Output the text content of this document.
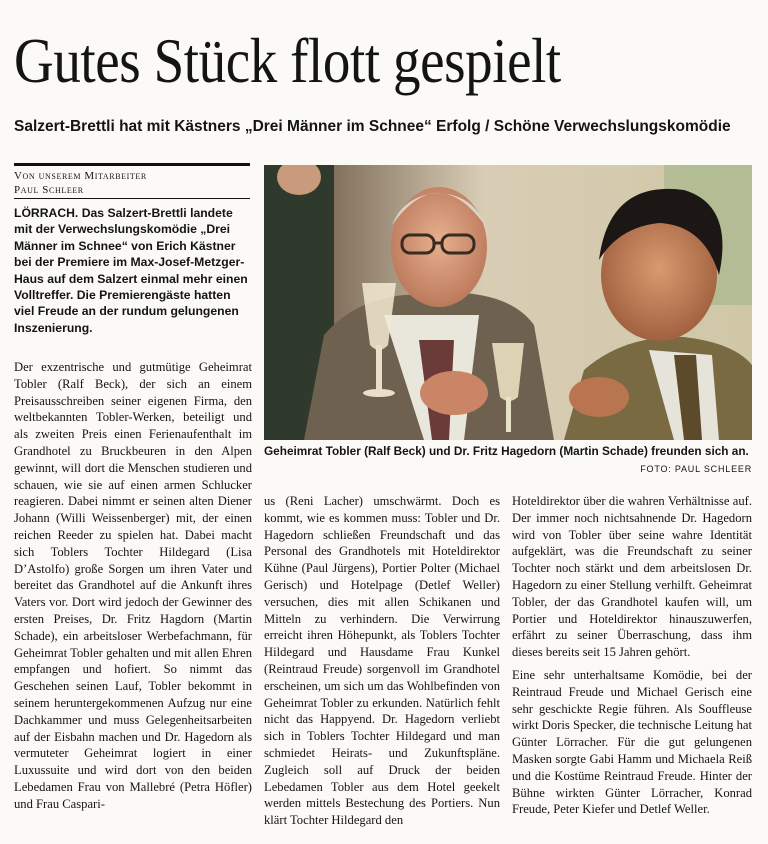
Gutes Stück flott gespielt

Salzert-Brettli hat mit Kästners „Drei Männer im Schnee“ Erfolg / Schöne Verwechslungskomödie

Von unserem Mitarbeiter
Paul Schleer

LÖRRACH. Das Salzert-Brettli landete mit der Verwechslungskomödie „Drei Männer im Schnee“ von Erich Kästner bei der Premiere im Max-Josef-Metzger-Haus auf dem Salzert einmal mehr einen Volltreffer. Die Premierengäste hatten viel Freude an der rundum gelungenen Inszenierung.

Der exzentrische und gutmütige Geheimrat Tobler (Ralf Beck), der sich an einem Preisausschreiben seiner eigenen Firma, den weltbekannten Tobler-Werken, beteiligt und als zweiten Preis einen Ferienaufenthalt im Grandhotel zu Bruckbeuren in den Alpen gewinnt, will dort die Menschen studieren und schauen, wie sie auf einen armen Schlucker reagieren. Dabei nimmt er seinen alten Diener Johann (Willi Weissenberger) mit, der einen reichen Reeder zu spielen hat. Dabei macht sich Toblers Tochter Hildegard (Lisa D’Astolfo) große Sorgen um ihren Vater und bereitet das Grandhotel auf die Ankunft ihres Vaters vor. Dort wird jedoch der Gewinner des ersten Preises, Dr. Fritz Hagdorn (Martin Schade), ein arbeitsloser Werbefachmann, für Geheimrat Tobler gehalten und mit allen Ehren empfangen und hofiert. So nimmt das Geschehen seinen Lauf, Tobler bekommt in seinem heruntergekommenen Aufzug nur eine Dachkammer und muss Gelegenheitsarbeiten auf der Eisbahn machen und Dr. Hagedorn als vermuteter Geheimrat logiert in einer Luxussuite und wird dort von den beiden Lebedamen Frau von Mallebré (Petra Höfler) und Frau Caspari-

Geheimrat Tobler (Ralf Beck) und Dr. Fritz Hagedorn (Martin Schade) freunden sich an.

FOTO: PAUL SCHLEER

us (Reni Lacher) umschwärmt. Doch es kommt, wie es kommen muss: Tobler und Dr. Hagedorn schließen Freundschaft und das Personal des Grandhotels mit Hoteldirektor Kühne (Paul Jürgens), Portier Polter (Michael Gerisch) und Hotelpage (Detlef Weller) versuchen, dies mit allen Schikanen und Mitteln zu verhindern. Die Verwirrung erreicht ihren Höhepunkt, als Toblers Tochter Hildegard und Hausdame Frau Kunkel (Reintraud Freude) sorgenvoll im Grandhotel erscheinen, um sich um das Wohlbefinden von Geheimrat Tobler zu erkunden. Natürlich fehlt nicht das Happyend. Dr. Hagedorn verliebt sich in Toblers Tochter Hildegard und man schmiedet Heirats- und Zukunftspläne. Zugleich soll auf Druck der beiden Lebedamen Tobler aus dem Hotel geekelt werden mittels Bestechung des Portiers. Nun klärt Tochter Hildegard den

Hoteldirektor über die wahren Verhältnisse auf. Der immer noch nichtsahnende Dr. Hagedorn wird von Tobler über seine wahre Identität aufgeklärt, was die Freundschaft zu seiner Tochter noch stärkt und dem arbeitslosen Dr. Hagedorn zu einer Stellung verhilft. Geheimrat Tobler, der das Grandhotel kaufen will, um Portier und Hoteldirektor hinauszuwerfen, erfährt zu seiner Überraschung, dass ihm dieses bereits seit 15 Jahren gehört.

Eine sehr unterhaltsame Komödie, bei der Reintraud Freude und Michael Gerisch eine sehr geschickte Regie führen. Als Souffleuse wirkt Doris Specker, die technische Leitung hat Günter Lörracher. Für die gut gelungenen Masken sorgte Gabi Hamm und Michaela Reiß und die Kostüme Reintraud Freude. Hinter der Bühne wirkten Günter Lörracher, Konrad Freude, Peter Kiefer und Detlef Weller.
